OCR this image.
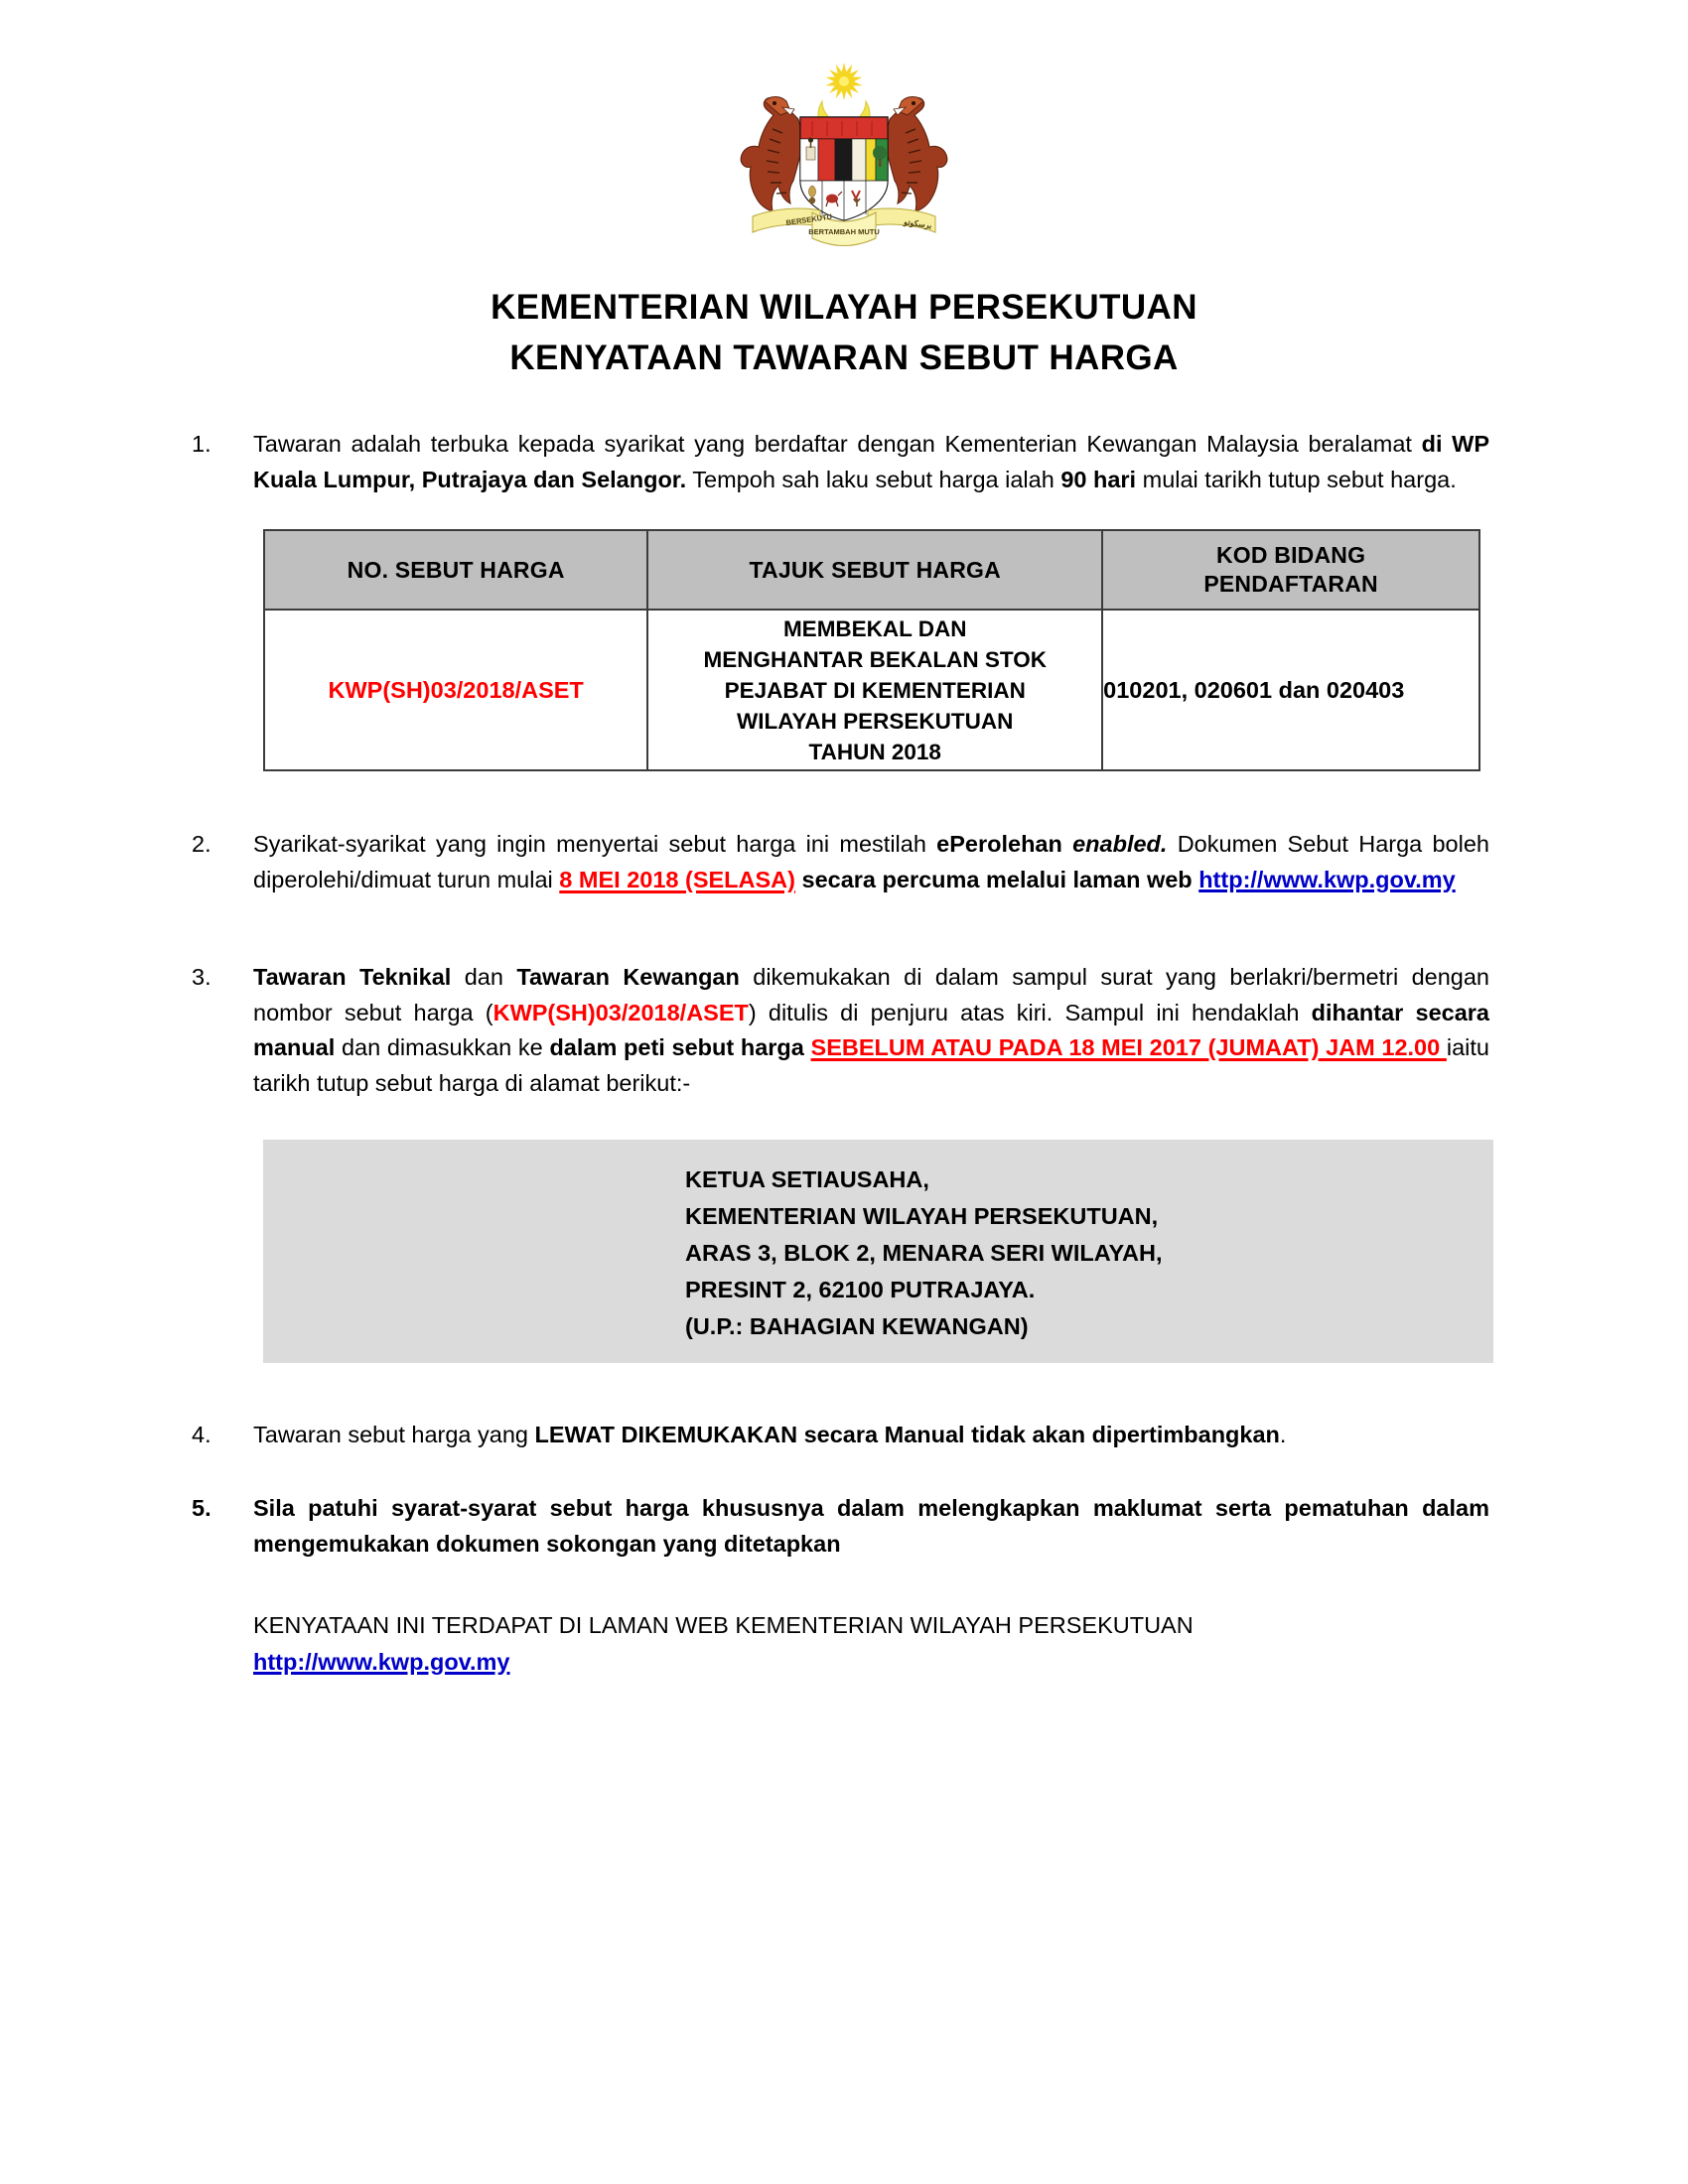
BERSEKUTU
BERTAMBAH MUTU
برسكوتو
KEMENTERIAN WILAYAH PERSEKUTUAN
KENYATAAN TAWARAN SEBUT HARGA
1.	Tawaran adalah terbuka kepada syarikat yang berdaftar dengan Kementerian Kewangan Malaysia beralamat di WP Kuala Lumpur, Putrajaya dan Selangor. Tempoh sah laku sebut harga ialah 90 hari mulai tarikh tutup sebut harga.
NO. SEBUT HARGA	TAJUK SEBUT HARGA	KOD BIDANG
PENDAFTARAN

KWP(SH)03/2018/ASET	MEMBEKAL DAN
MENGHANTAR BEKALAN STOK
PEJABAT DI KEMENTERIAN
WILAYAH PERSEKUTUAN
TAHUN 2018	010201, 020601 dan 020403
2.	Syarikat-syarikat yang ingin menyertai sebut harga ini mestilah ePerolehan enabled. Dokumen Sebut Harga boleh diperolehi/dimuat turun mulai 8 MEI 2018 (SELASA) secara percuma melalui laman web http://www.kwp.gov.my
3.	Tawaran Teknikal dan Tawaran Kewangan dikemukakan di dalam sampul surat yang berlakri/bermetri dengan nombor sebut harga (KWP(SH)03/2018/ASET) ditulis di penjuru atas kiri. Sampul ini hendaklah dihantar secara manual dan dimasukkan ke dalam peti sebut harga SEBELUM ATAU PADA 18 MEI 2017 (JUMAAT) JAM 12.00 iaitu tarikh tutup sebut harga di alamat berikut:-
KETUA SETIAUSAHA,
KEMENTERIAN WILAYAH PERSEKUTUAN,
ARAS 3, BLOK 2, MENARA SERI WILAYAH,
PRESINT 2, 62100 PUTRAJAYA.
(U.P.: BAHAGIAN KEWANGAN)
4.	Tawaran sebut harga yang LEWAT DIKEMUKAKAN secara Manual tidak akan dipertimbangkan.
5.	Sila patuhi syarat-syarat sebut harga khususnya dalam melengkapkan maklumat serta pematuhan dalam mengemukakan dokumen sokongan yang ditetapkan
KENYATAAN INI TERDAPAT DI LAMAN WEB KEMENTERIAN WILAYAH PERSEKUTUAN
http://www.kwp.gov.my
